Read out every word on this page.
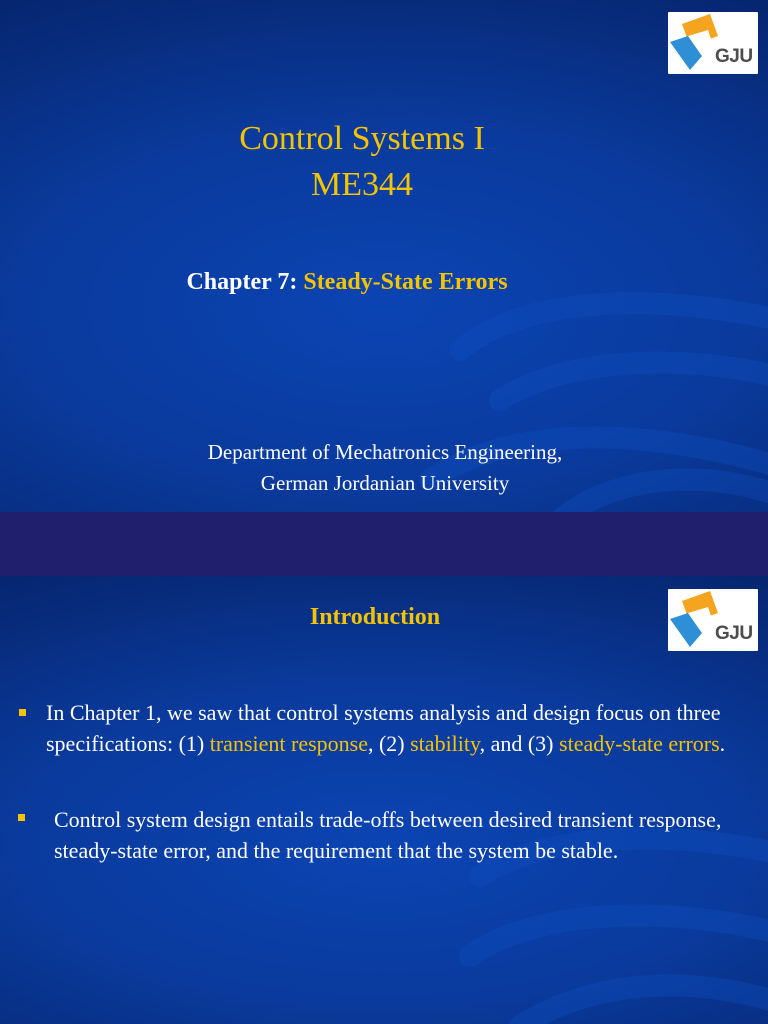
GJU
Control Systems I
ME344
Chapter 7: Steady-State Errors
Department of Mechatronics Engineering,
German Jordanian University
GJU
Introduction
In Chapter 1, we saw that control systems analysis and design focus on three specifications: (1) transient response, (2) stability, and (3) steady-state errors.
Control system design entails trade-offs between desired transient response, steady-state error, and the requirement that the system be stable.
